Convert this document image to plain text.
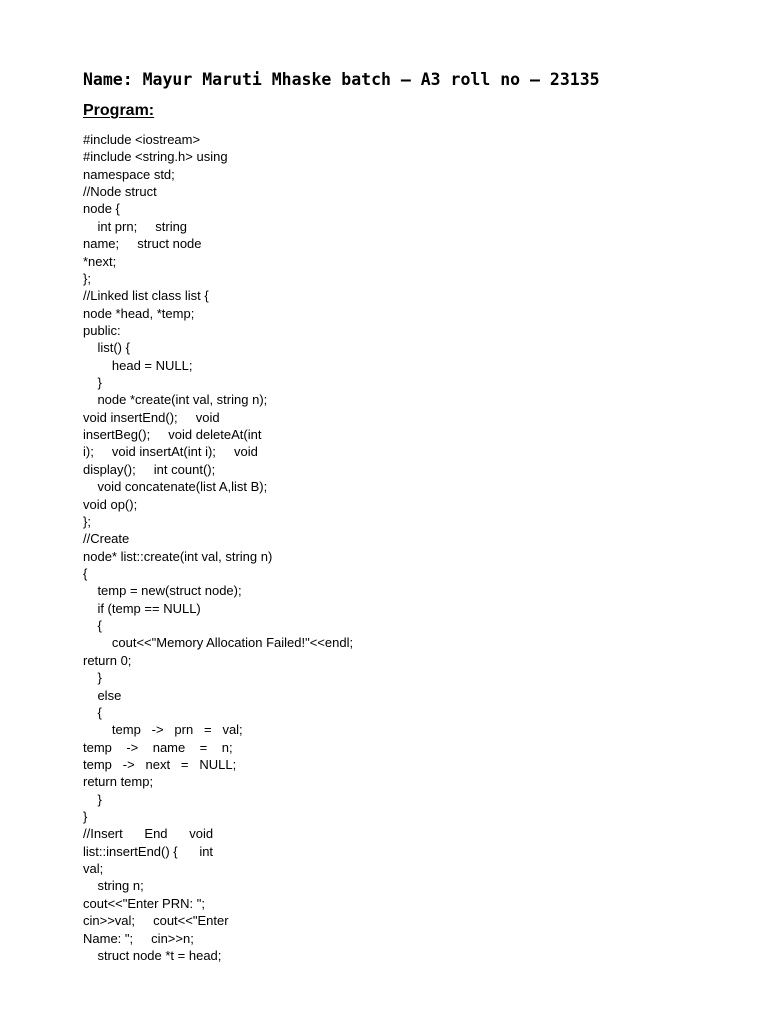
Name: Mayur Maruti Mhaske batch – A3 roll no – 23135
Program:
#include <iostream>
#include <string.h> using
namespace std;
//Node struct
node {
int prn;     string
name;     struct node
*next;
};
//Linked list class list {
node *head, *temp;
public:
list() {
head = NULL;
}
node *create(int val, string n);
void insertEnd();     void
insertBeg();     void deleteAt(int
i);     void insertAt(int i);     void
display();     int count();
void concatenate(list A,list B);
void op();
};
//Create
node* list::create(int val, string n)
{
temp = new(struct node);
if (temp == NULL)
{
cout<<"Memory Allocation Failed!"<<endl;
return 0;
}
else
{
temp   ->   prn   =   val;
temp    ->    name    =    n;
temp   ->   next   =   NULL;
return temp;
}
}
//Insert      End      void
list::insertEnd() {      int
val;
string n;
cout<<"Enter PRN: ";
cin>>val;     cout<<"Enter
Name: ";     cin>>n;
struct node *t = head;
